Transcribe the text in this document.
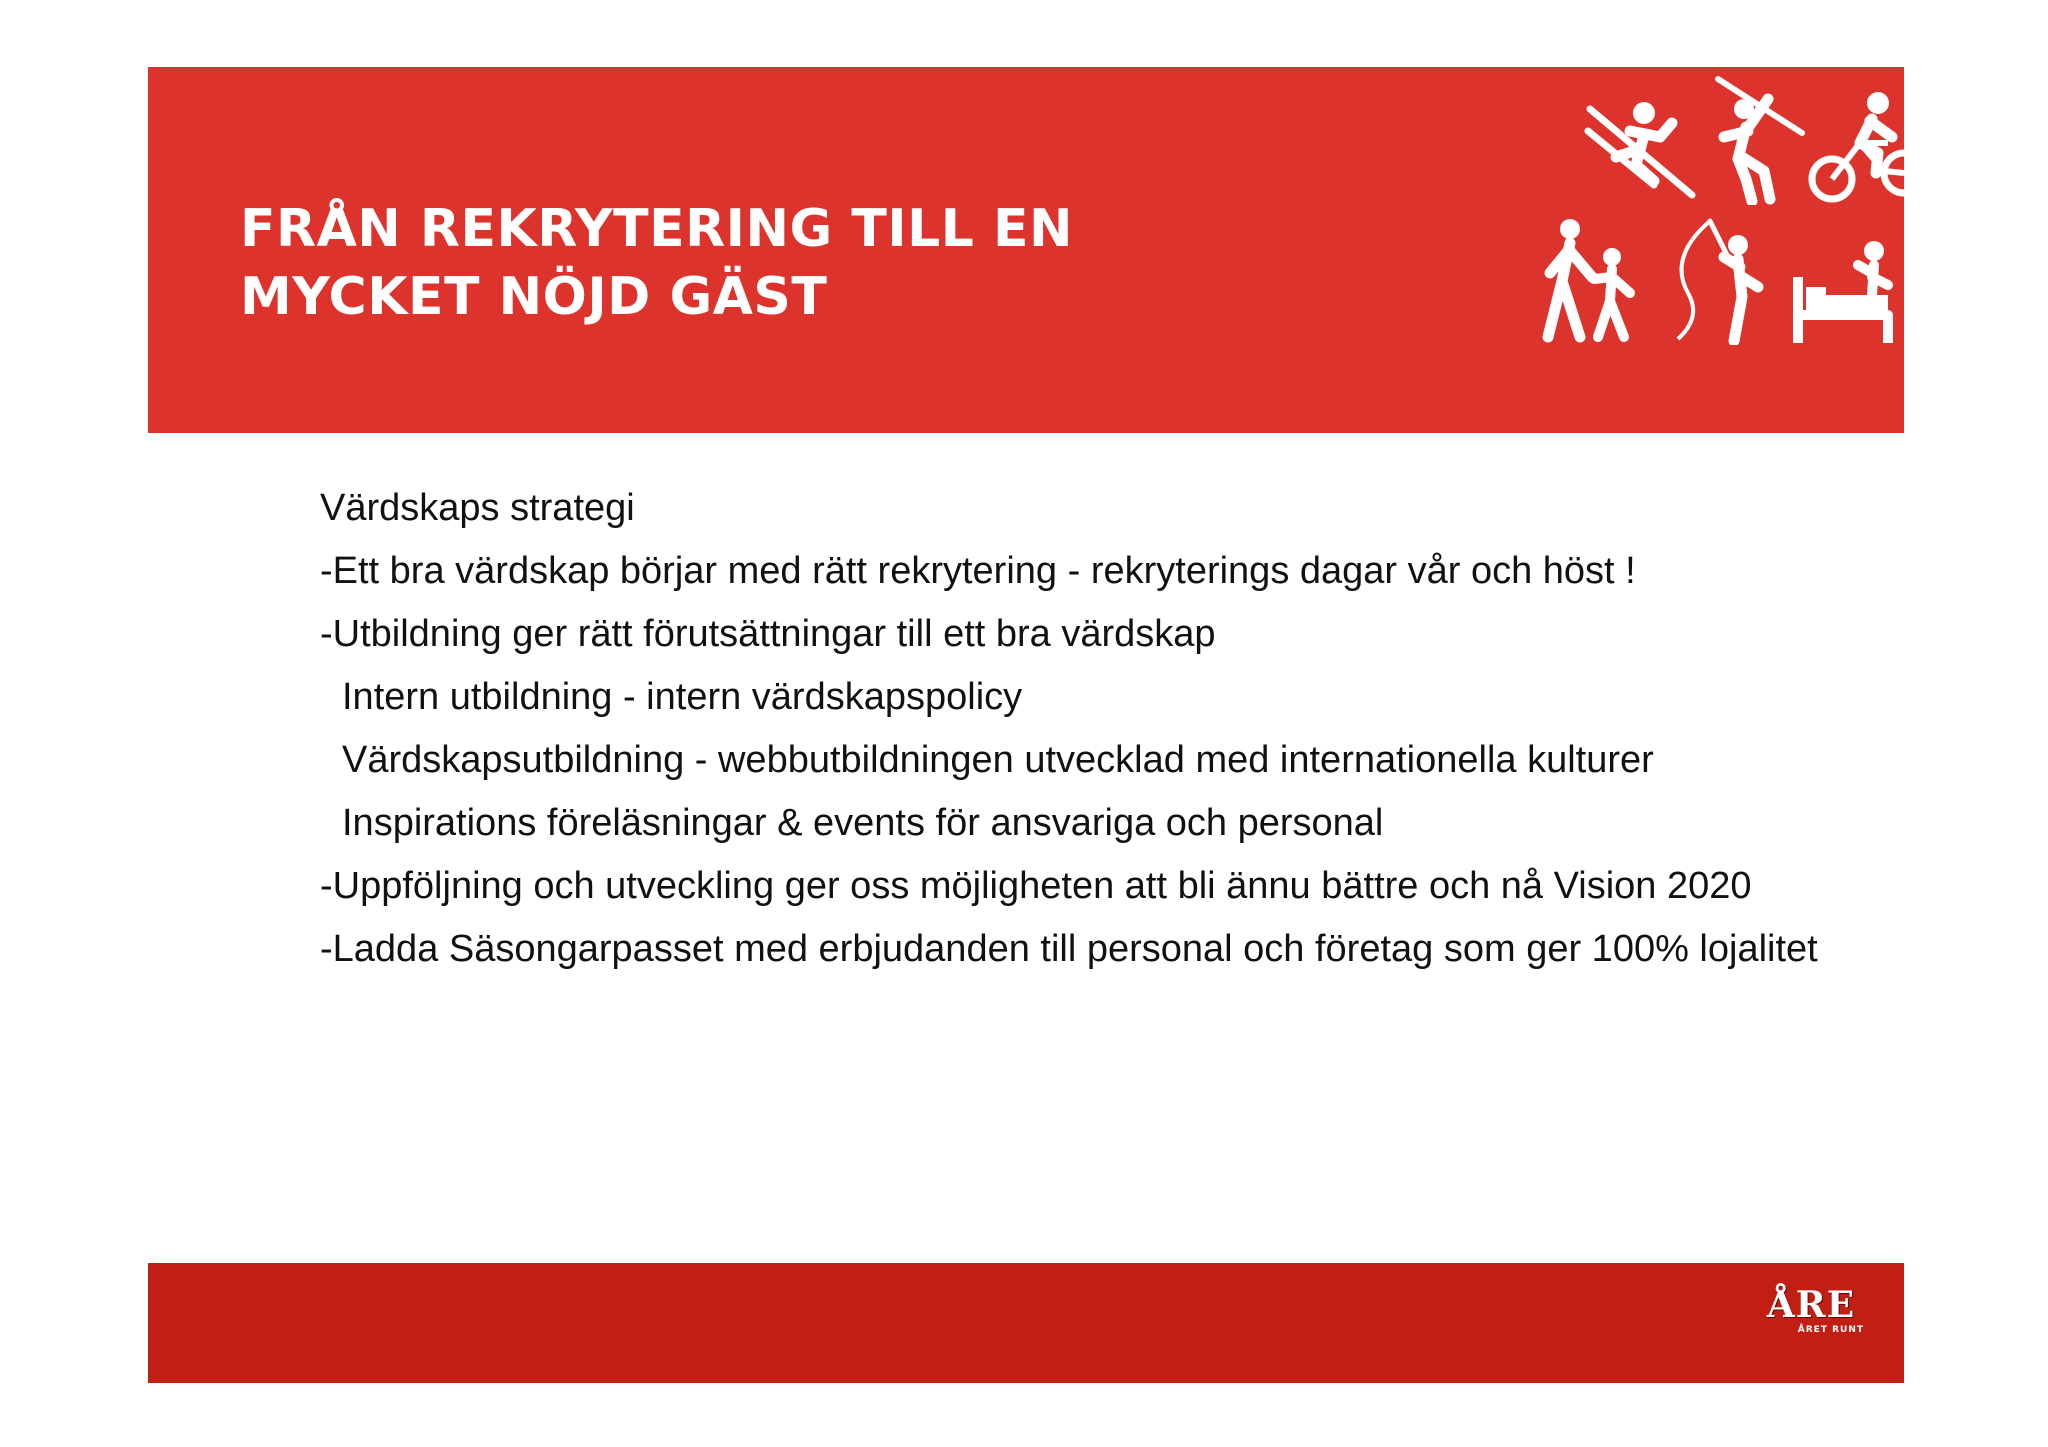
FRÅN REKRYTERING TILL EN
MYCKET NÖJD GÄST

Värdskaps strategi

-Ett bra värdskap börjar med rätt rekrytering - rekryterings dagar vår och höst !

-Utbildning ger rätt förutsättningar till ett bra värdskap

Intern utbildning - intern värdskapspolicy

Värdskapsutbildning - webbutbildningen utvecklad med internationella kulturer

Inspirations föreläsningar & events för ansvariga och personal

-Uppföljning och utveckling ger oss möjligheten att bli ännu bättre och nå Vision 2020

-Ladda Säsongarpasset med erbjudanden till personal och företag som ger 100% lojalitet

ÅRE
ÅRET RUNT
